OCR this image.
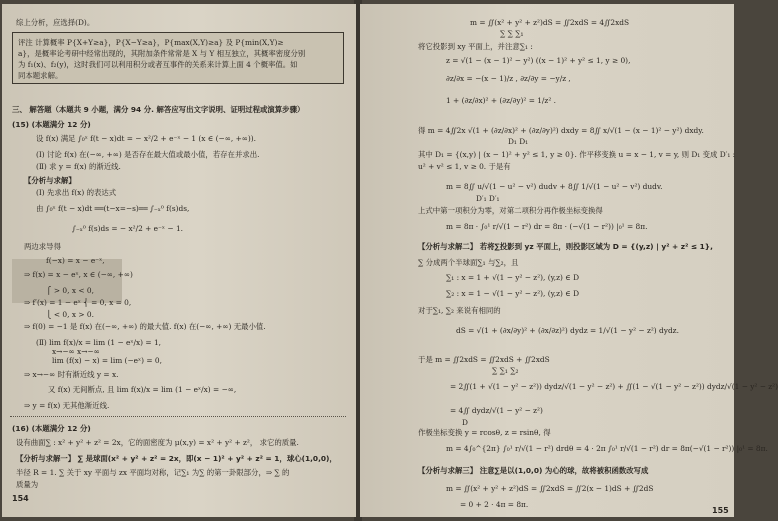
综上分析，应选择(D)。
评注 计算概率 P{X+Y≥a}，P{X−Y≥a}，P{max(X,Y)≥a} 及 P{min(X,Y)≥
a}，是概率论考研中经常出现的，其附加条件常常是 X 与 Y 相互独立，其概率密度分别
为 f₁(x)、f₂(y)，这时我们可以利用积分或者互事件的关系来计算上面 4 个概率值。如
同本题求解。
三、 解答题（本题共 9 小题，满分 94 分. 解答应写出文字说明、证明过程或演算步骤）
(15) (本题满分 12 分)
设 f(x) 满足 ∫₀ˣ f(t − x)dt = − x²/2 + e⁻ˣ − 1 (x ∈ (−∞, +∞)).
(Ⅰ) 讨论 f(x) 在(−∞, +∞) 是否存在最大值或最小值，若存在并求出.
(Ⅱ) 求 y = f(x) 的渐近线.
【分析与求解】
(Ⅰ) 先求出 f(x) 的表达式
由 ∫₀ˣ f(t − x)dt ══(t−x=−s)══ ∫₋ₓ⁰ f(s)ds,
∫₋ₓ⁰ f(s)ds = − x²/2 + e⁻ˣ − 1.
两边求导得
f(−x) = x − e⁻ˣ,
⇒ f(x) = x − eˣ, x ∈ (−∞, +∞)
⎧ > 0, x < 0,
⇒ f′(x) = 1 − eˣ ⎨ = 0, x = 0,
⎩ < 0, x > 0.
⇒ f(0) = −1 是 f(x) 在(−∞, +∞) 的最大值. f(x) 在(−∞, +∞) 无最小值.
(Ⅱ) lim f(x)/x = lim (1 − eˣ/x) = 1,
x→−∞ x→−∞
lim (f(x) − x) = lim (−eˣ) = 0,
⇒ x→−∞ 时有渐近线 y = x.
又 f(x) 无间断点, 且 lim f(x)/x = lim (1 − eˣ/x) = −∞,
⇒ y = f(x) 无其他渐近线.
(16) (本题满分 12 分)
设有曲面∑ : x² + y² + z² = 2x，它的面密度为 μ(x,y) = x² + y² + z²， 求它的质量.
【分析与求解一】 ∑ 是球面(x² + y² + z² = 2x，即(x − 1)² + y² + z² = 1，球心(1,0,0)，
半径 R = 1. ∑ 关于 xy 平面与 zx 平面均对称，记∑₁ 为∑ 的第一卦限部分，⇒ ∑ 的
质量为
154
m = ∬(x² + y² + z²)dS = ∬2xdS = 4∬2xdS
∑ ∑ ∑₁
将它投影到 xy 平面上，并注意∑₁ :
z = √(1 − (x − 1)² − y²) ((x − 1)² + y² ≤ 1, y ≥ 0),
∂z/∂x = −(x − 1)/z , ∂z/∂y = −y/z ,
1 + (∂z/∂x)² + (∂z/∂y)² = 1/z² .
得 m = 4∬2x √(1 + (∂z/∂x)² + (∂z/∂y)²) dxdy = 8∬ x/√(1 − (x − 1)² − y²) dxdy.
D₁ D₁
其中 D₁ = {(x,y) | (x − 1)² + y² ≤ 1, y ≥ 0}. 作平移变换 u = x − 1, v = y, 则 D₁ 变成 D′₁ :
u² + v² ≤ 1, v ≥ 0. 于是有
m = 8∬ u/√(1 − u² − v²) dudv + 8∬ 1/√(1 − u² − v²) dudv.
D′₁ D′₁
上式中第一项积分为零，对第二项积分再作极坐标变换得
m = 8π · ∫₀¹ r/√(1 − r²) dr = 8π · (−√(1 − r²)) |₀¹ = 8π.
【分析与求解二】 若将∑投影到 yz 平面上，则投影区域为 D = {(y,z) | y² + z² ≤ 1},
∑ 分成两个半球面∑₁ 与∑₂，且
∑₁ : x = 1 + √(1 − y² − z²), (y,z) ∈ D
∑₂ : x = 1 − √(1 − y² − z²), (y,z) ∈ D
对于∑₁, ∑₂ 来说有相同的
dS = √(1 + (∂x/∂y)² + (∂x/∂z)²) dydz = 1/√(1 − y² − z²) dydz.
于是 m = ∬2xdS = ∬2xdS + ∬2xdS
∑ ∑₁ ∑₂
= 2∬(1 + √(1 − y² − z²)) dydz/√(1 − y² − z²) + ∬(1 − √(1 − y² − z²)) dydz/√(1 − y² − z²)
= 4∬ dydz/√(1 − y² − z²)
D
作极坐标变换 y = rcosθ, z = rsinθ, 得
m = 4∫₀^{2π} ∫₀¹ r/√(1 − r²) drdθ = 4 · 2π ∫₀¹ r/√(1 − r²) dr = 8π(−√(1 − r²)) |₀¹ = 8π.
【分析与求解三】 注意∑是以(1,0,0) 为心的球，故将被积函数改写成
m = ∬(x² + y² + z²)dS = ∬2xdS = ∬2(x − 1)dS + ∬2dS
= 0 + 2 · 4π = 8π.
155
